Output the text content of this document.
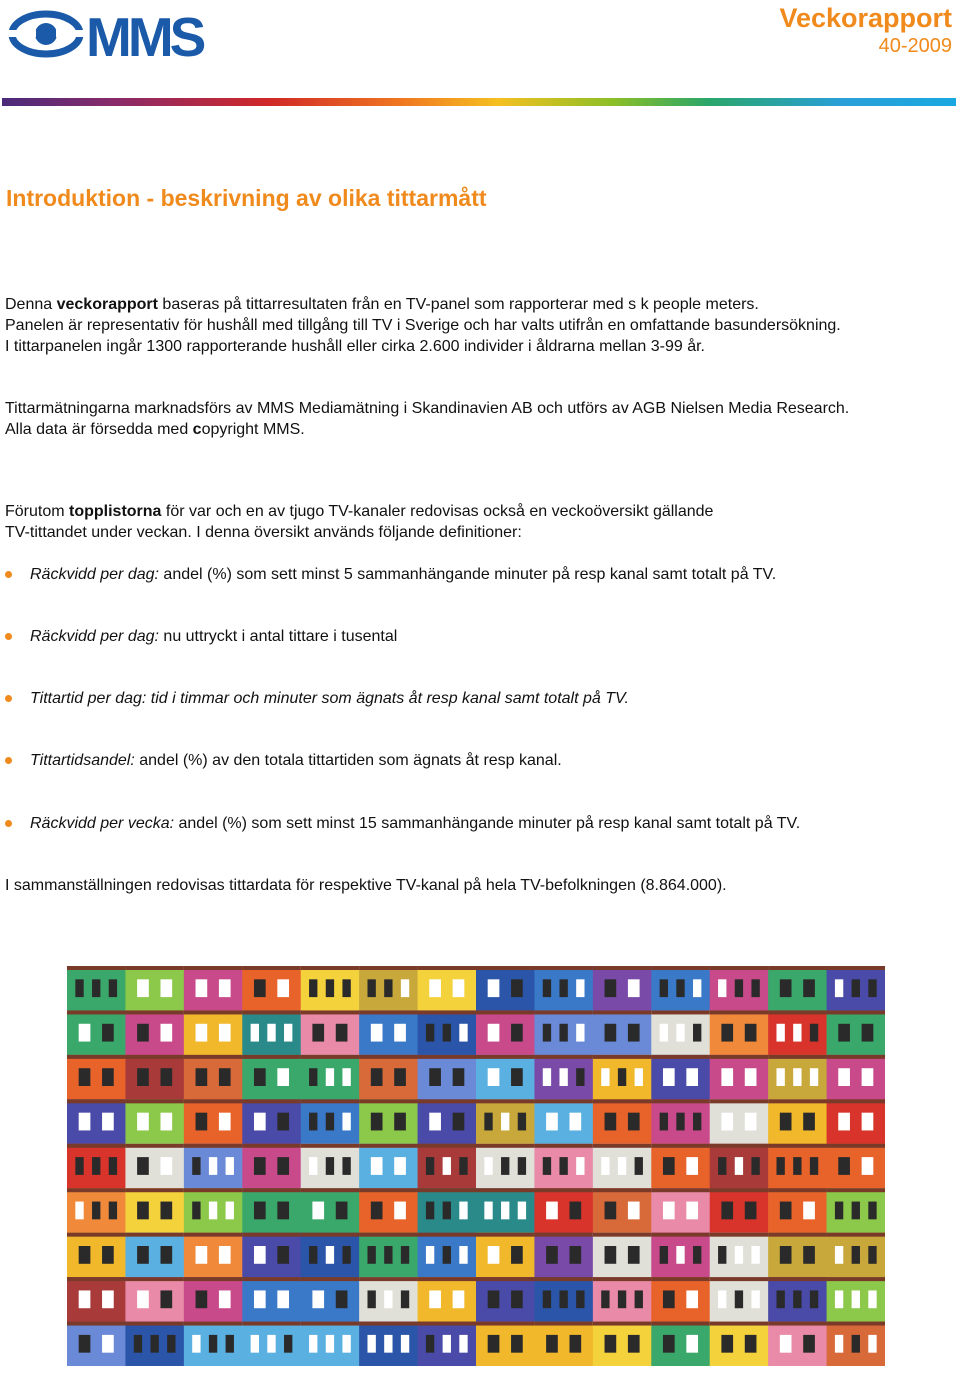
MMS	Veckorapport
40-2009
Introduktion - beskrivning av olika tittarmått
Denna veckorapport baseras på tittarresultaten från en TV-panel som rapporterar med s k people meters.
Panelen är representativ för hushåll med tillgång till TV i Sverige och har valts utifrån en omfattande basundersökning.
I tittarpanelen ingår 1300 rapporterande hushåll eller cirka 2.600 individer i åldrarna mellan 3-99 år.
Tittarmätningarna marknadsförs av MMS Mediamätning i Skandinavien AB och utförs av AGB Nielsen Media Research.
Alla data är försedda med copyright MMS.
Förutom topplistorna för var och en av tjugo TV-kanaler redovisas också en veckoöversikt gällande
TV-tittandet under veckan. I denna översikt används följande definitioner:
Räckvidd per dag: andel (%) som sett minst 5 sammanhängande minuter på resp kanal samt totalt på TV.
Räckvidd per dag: nu uttryckt i antal tittare i tusental
Tittartid per dag: tid i timmar och minuter som ägnats åt resp kanal samt totalt på TV.
Tittartidsandel: andel (%) av den totala tittartiden som ägnats åt resp kanal.
Räckvidd per vecka: andel (%) som sett minst 15 sammanhängande minuter på resp kanal samt totalt på TV.
I sammanställningen redovisas tittardata för respektive TV-kanal på hela TV-befolkningen (8.864.000).
